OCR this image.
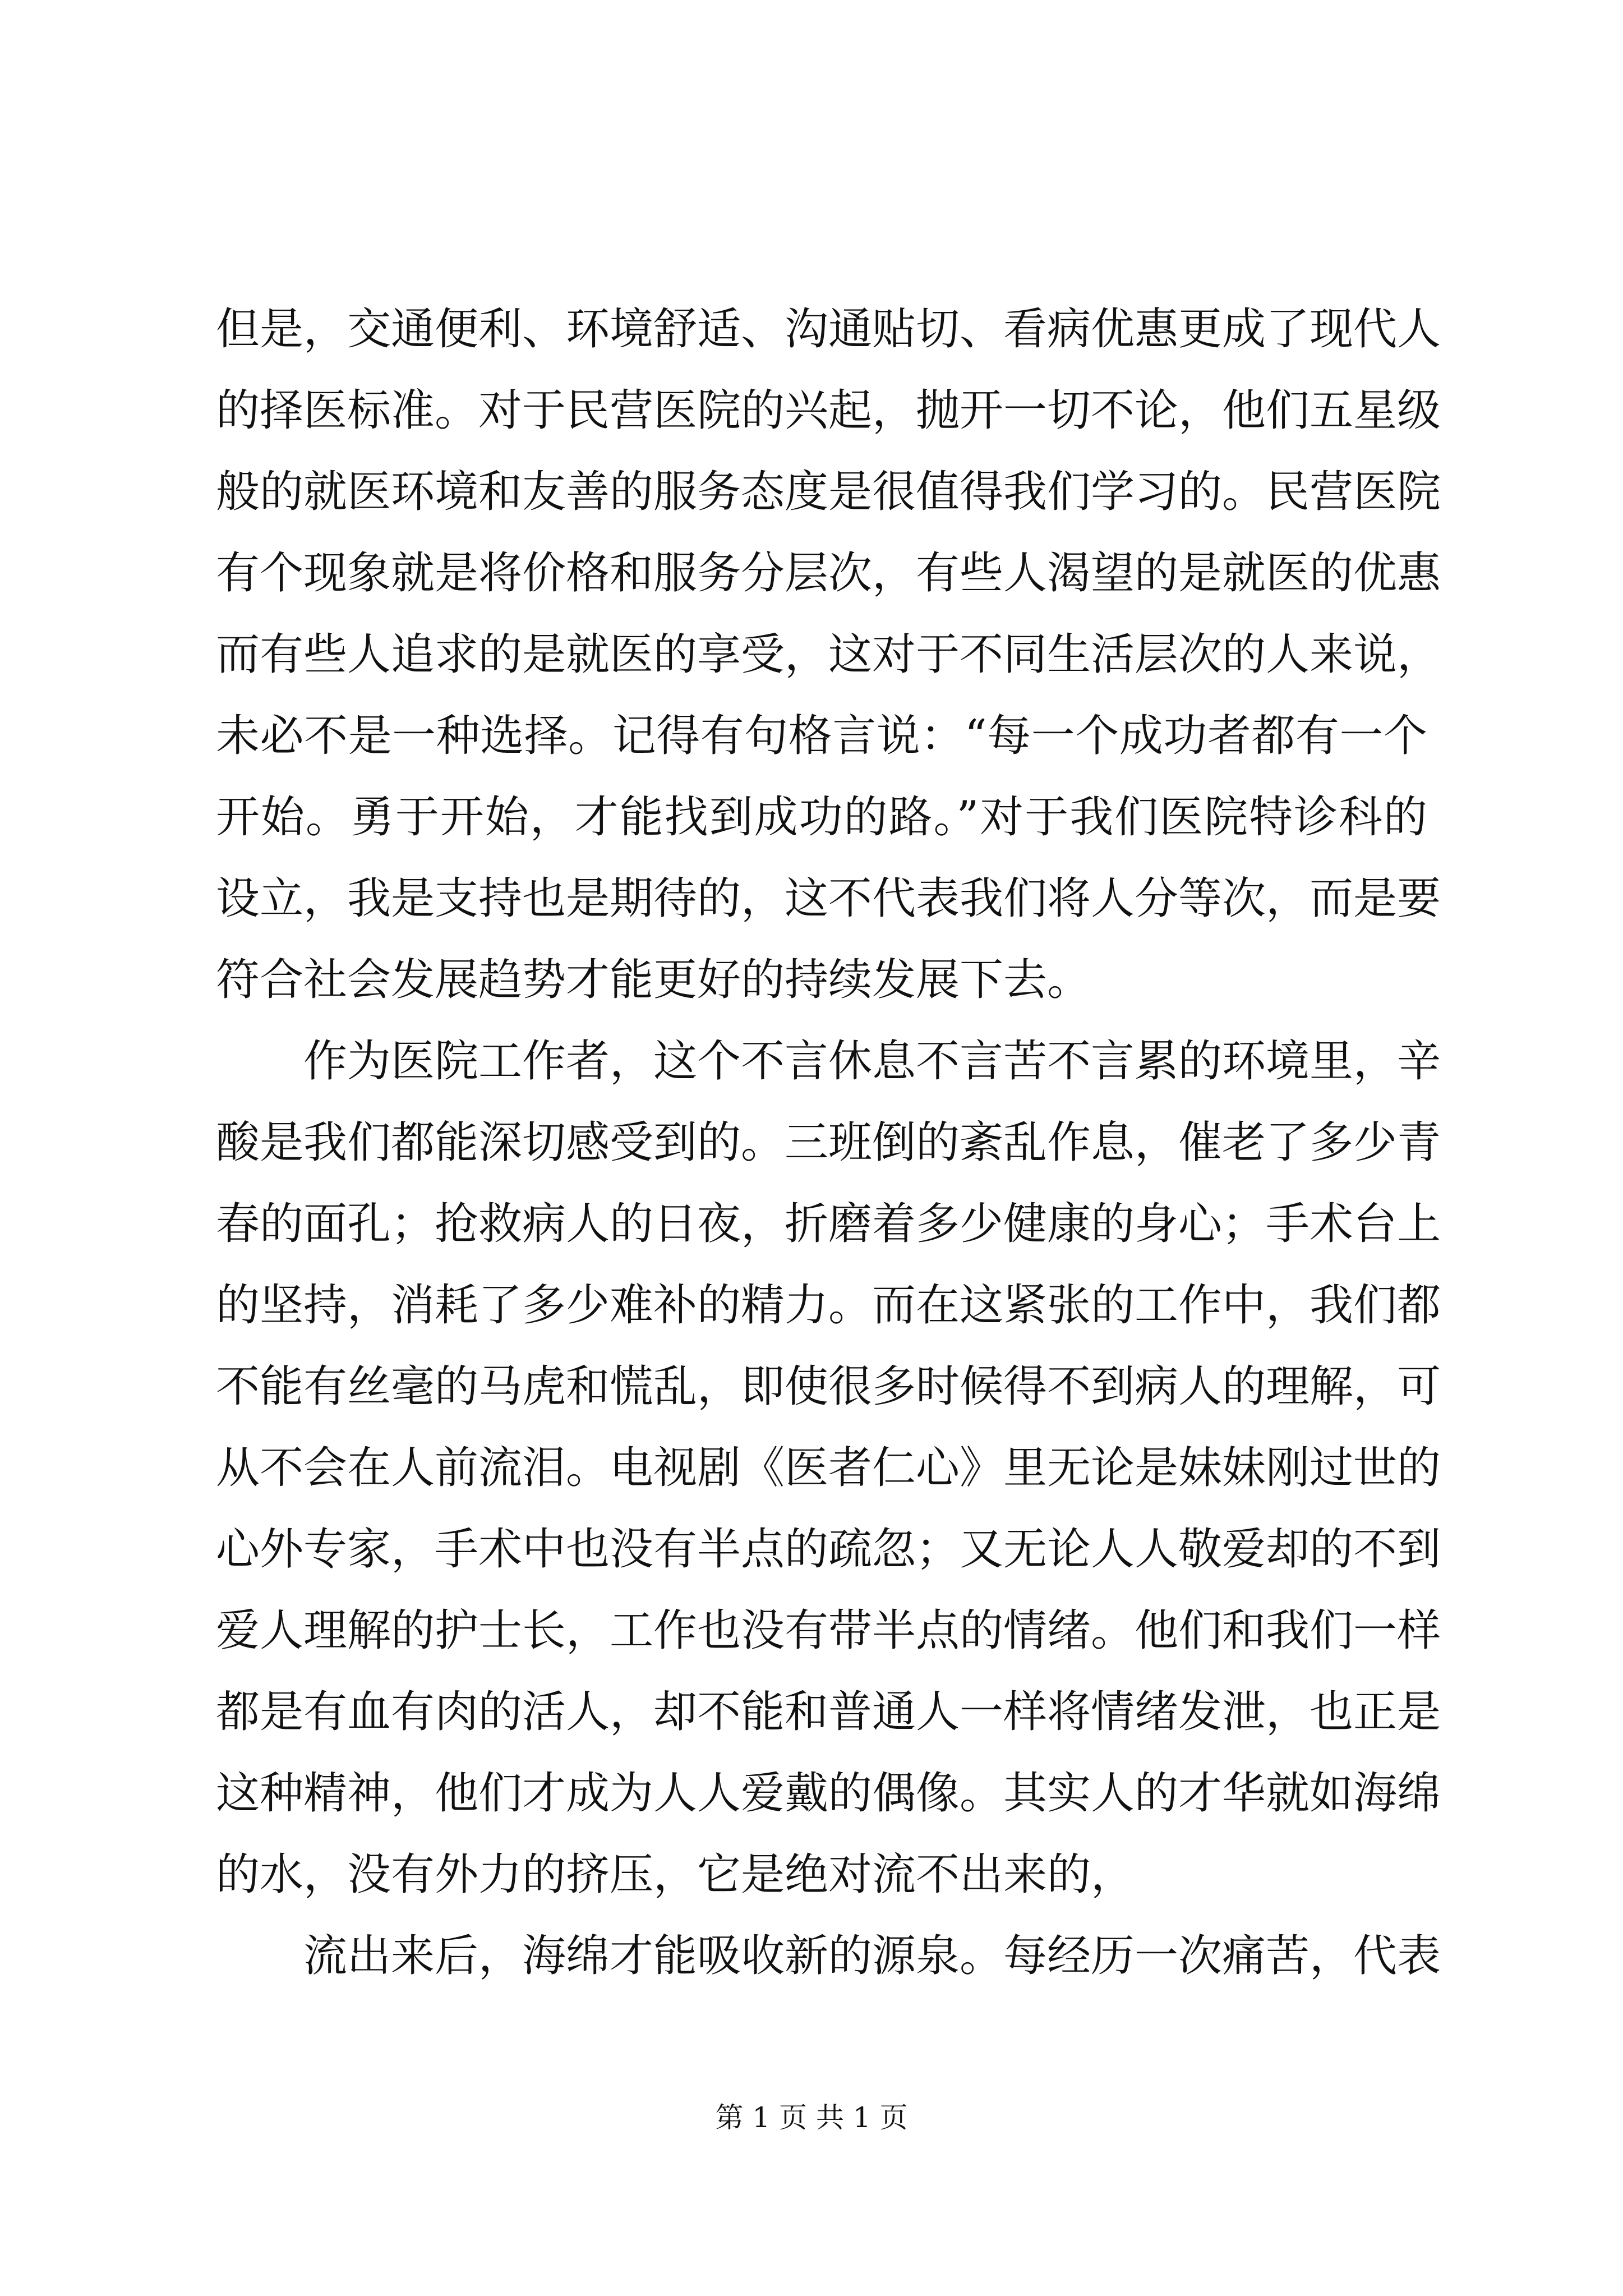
但是，交通便利、环境舒适、沟通贴切、看病优惠更成了现代人
的择医标准。对于民营医院的兴起，抛开一切不论，他们五星级
般的就医环境和友善的服务态度是很值得我们学习的。民营医院
有个现象就是将价格和服务分层次，有些人渴望的是就医的优惠
而有些人追求的是就医的享受，这对于不同生活层次的人来说，
未必不是一种选择。记得有句格言说：“每一个成功者都有一个
开始。勇于开始，才能找到成功的路。”对于我们医院特诊科的
设立，我是支持也是期待的，这不代表我们将人分等次，而是要
符合社会发展趋势才能更好的持续发展下去。
作为医院工作者，这个不言休息不言苦不言累的环境里，辛
酸是我们都能深切感受到的。三班倒的紊乱作息，催老了多少青
春的面孔；抢救病人的日夜，折磨着多少健康的身心；手术台上
的坚持，消耗了多少难补的精力。而在这紧张的工作中，我们都
不能有丝毫的马虎和慌乱，即使很多时候得不到病人的理解，可
从不会在人前流泪。电视剧《医者仁心》里无论是妹妹刚过世的
心外专家，手术中也没有半点的疏忽；又无论人人敬爱却的不到
爱人理解的护士长，工作也没有带半点的情绪。他们和我们一样
都是有血有肉的活人，却不能和普通人一样将情绪发泄，也正是
这种精神，他们才成为人人爱戴的偶像。其实人的才华就如海绵
的水，没有外力的挤压，它是绝对流不出来的，
流出来后，海绵才能吸收新的源泉。每经历一次痛苦，代表
第 1 页 共 1 页
